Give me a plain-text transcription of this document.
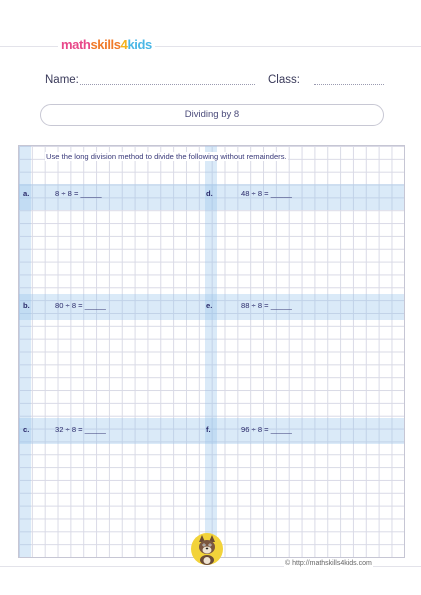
mathskills4kids
Name:	Class:
Dividing by 8
Use the long division method to divide the following without remainders.
a.	8 ÷ 8 = _____	d.	48 ÷ 8 = _____
b.	80 ÷ 8 = _____	e.	88 ÷ 8 = _____
c.	32 ÷ 8 = _____	f.	96 ÷ 8 = _____
© http://mathskills4kids.com
